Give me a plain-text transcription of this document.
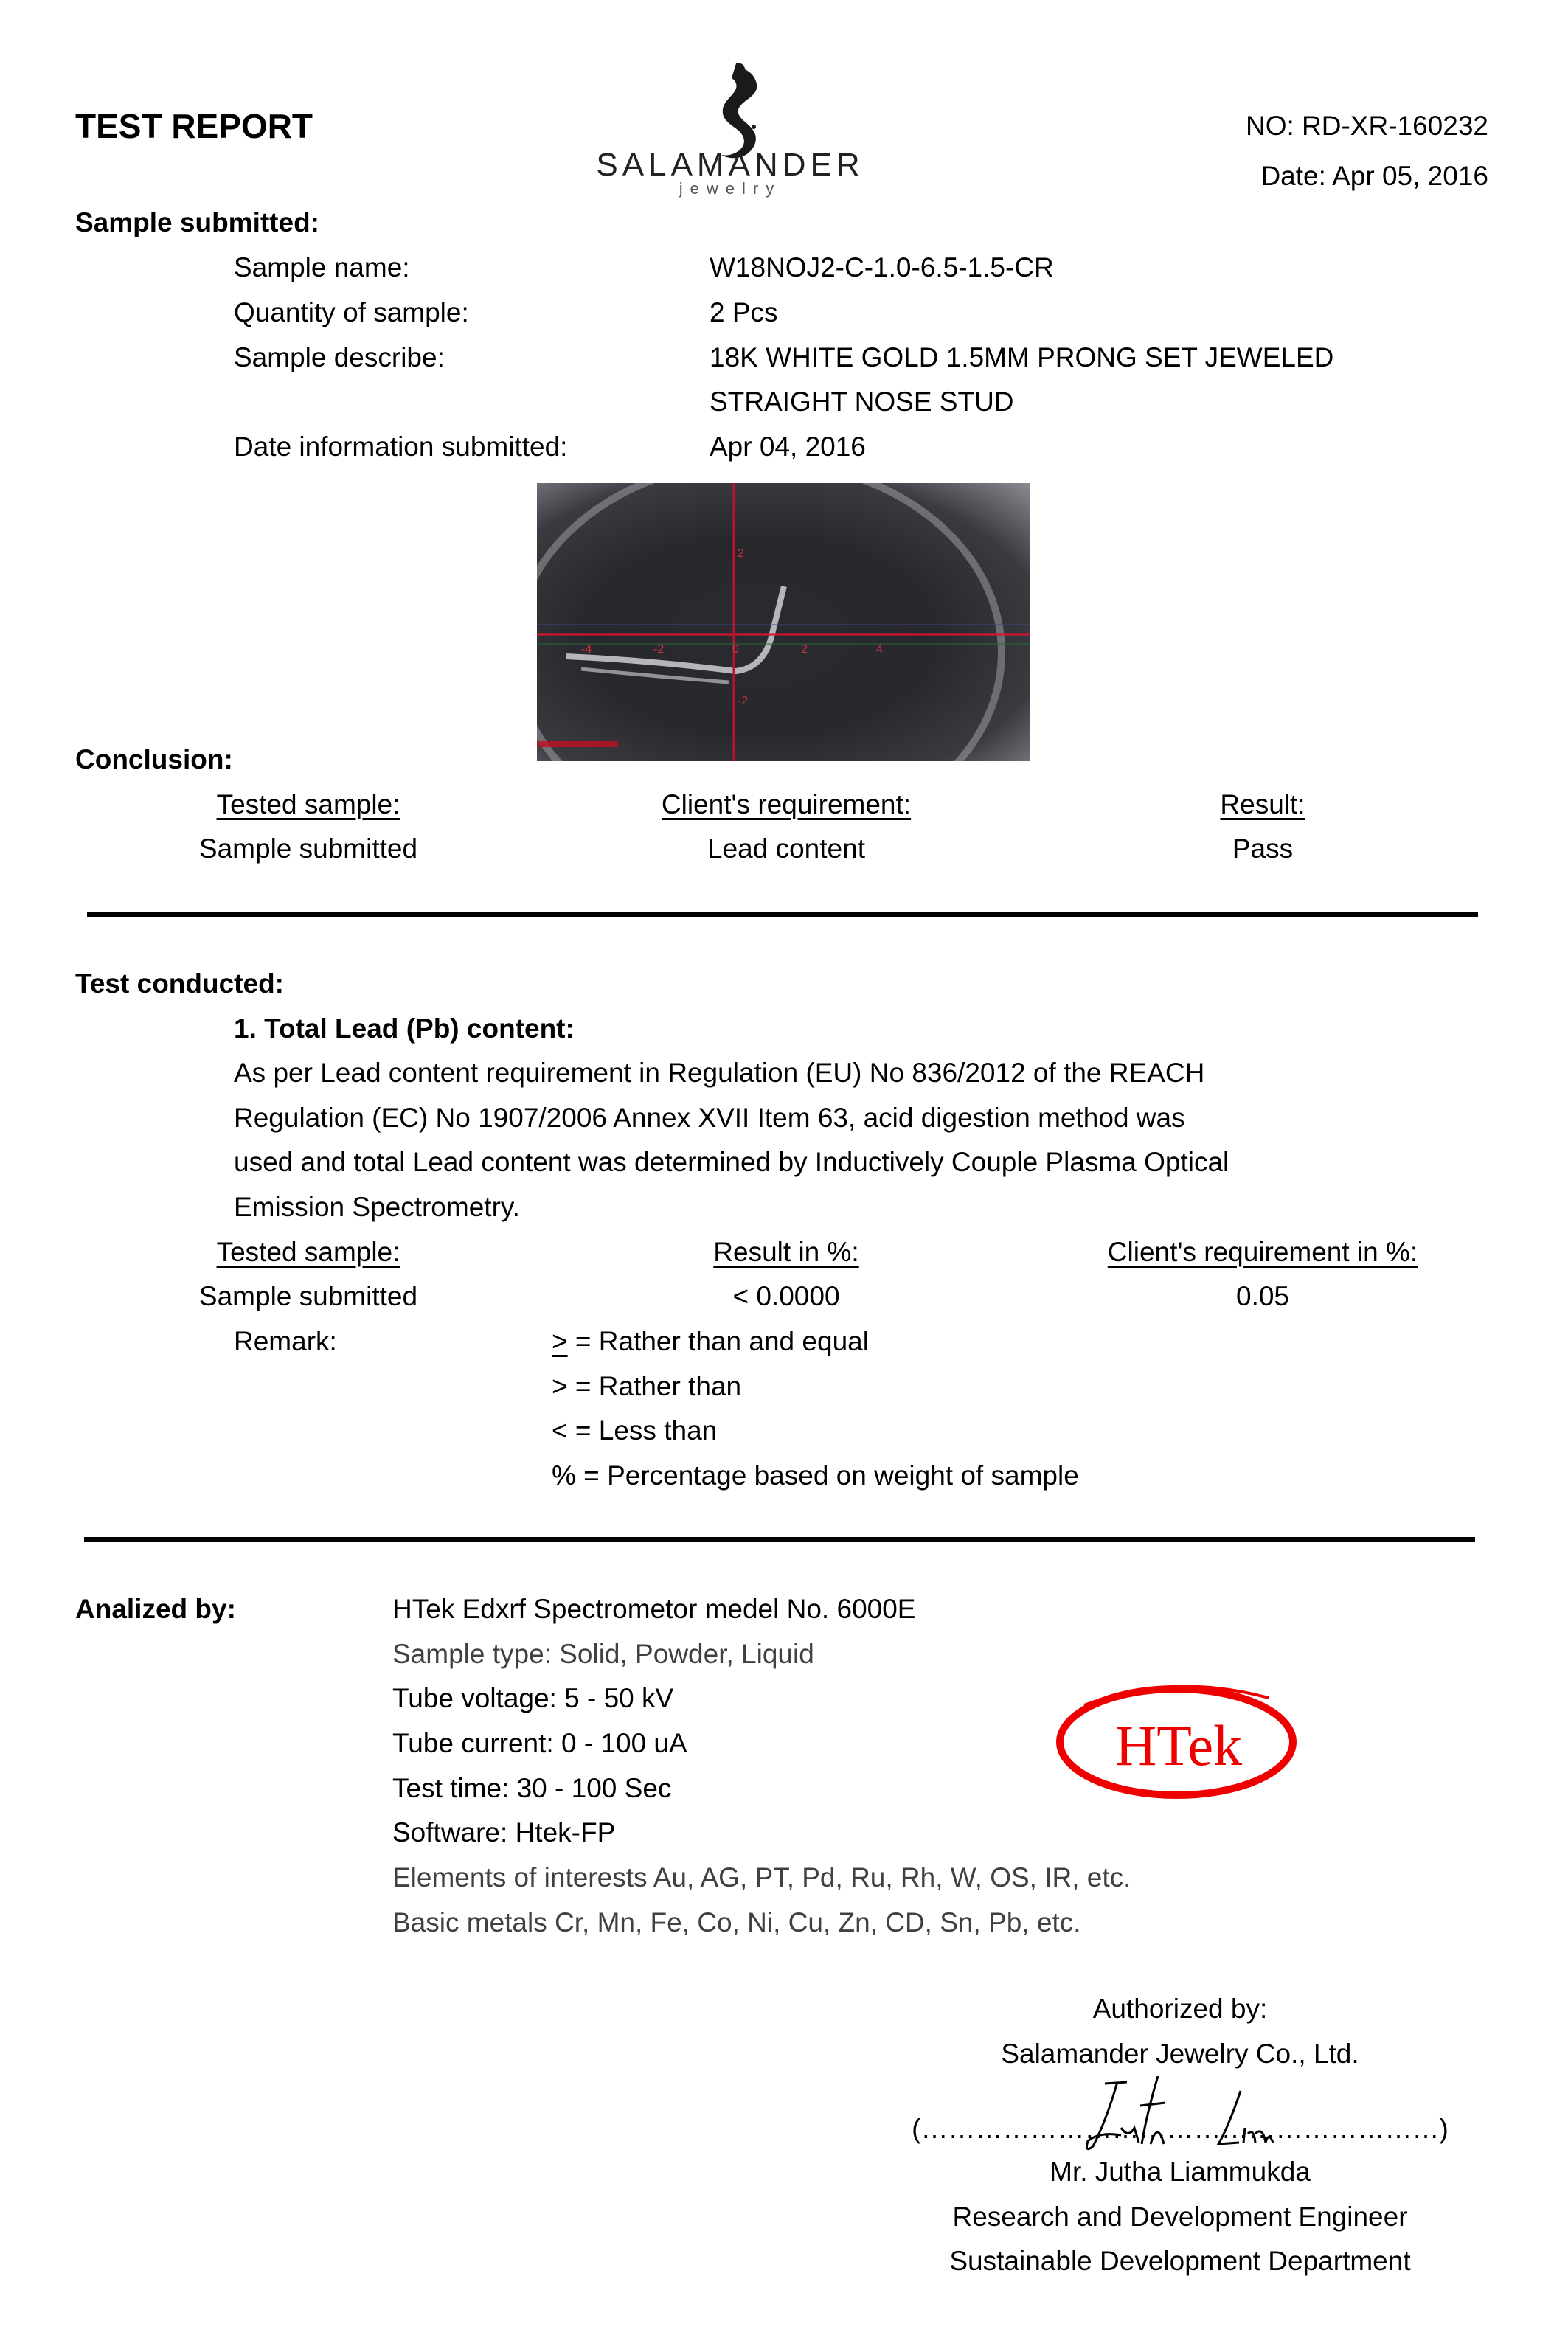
TEST REPORT
SALAMANDER
jewelry
NO: RD-XR-160232
Date: Apr 05, 2016
Sample submitted:
Sample name:	W18NOJ2-C-1.0-6.5-1.5-CR
Quantity of sample:	2 Pcs
Sample describe:	18K WHITE GOLD 1.5MM PRONG SET JEWELED
STRAIGHT NOSE STUD
Date information submitted:	Apr 04, 2016
-4	-2	0	2	4
2
-2
Conclusion:
Tested sample:	Client's requirement:	Result:
Sample submitted	Lead content	Pass
Test conducted:
1. Total Lead (Pb) content:
As per Lead content requirement in Regulation (EU) No 836/2012 of the REACH
Regulation (EC) No 1907/2006 Annex XVII Item 63, acid digestion method was
used and total Lead content was determined by Inductively Couple Plasma Optical
Emission Spectrometry.
Tested sample:	Result in %:	Client's requirement in %:
Sample submitted	< 0.0000	0.05
Remark:	> = Rather than and equal
> = Rather than
< = Less than
% = Percentage based on weight of sample
Analized by:	HTek Edxrf Spectrometor medel No. 6000E
Sample type: Solid, Powder, Liquid
Tube voltage: 5 - 50 kV
Tube current: 0 - 100 uA
Test time: 30 - 100 Sec
Software: Htek-FP
Elements of interests Au, AG, PT, Pd, Ru, Rh, W, OS, IR, etc.
Basic metals Cr, Mn, Fe, Co, Ni, Cu, Zn, CD, Sn, Pb, etc.
HTek
Authorized by:
Salamander Jewelry Co., Ltd.
(…………………………………………………)
Mr. Jutha Liammukda
Research and Development Engineer
Sustainable Development Department
